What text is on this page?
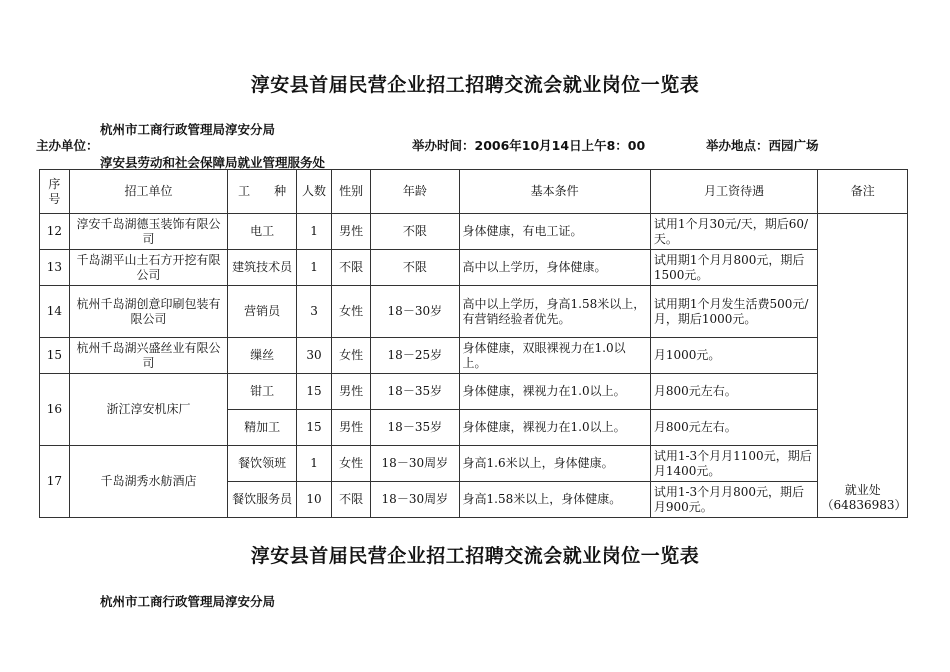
淳安县首届民营企业招工招聘交流会就业岗位一览表
杭州市工商行政管理局淳安分局
主办单位：	举办时间：2006年10月14日上午8：00	举办地点：西园广场
淳安县劳动和社会保障局就业管理服务处
序号	招工单位	工　　种	人数	性别	年龄	基本条件	月工资待遇	备注
12	淳安千岛湖德玉装饰有限公司	电工	1	男性	不限	身体健康，有电工证。	试用1个月30元/天，期后60/天。	就业处（64836983）
13	千岛湖平山土石方开挖有限公司	建筑技术员	1	不限	不限	高中以上学历，身体健康。	试用期1个月月800元，期后1500元。	
14	杭州千岛湖创意印刷包装有限公司	营销员	3	女性	18－30岁	高中以上学历，身高1.58米以上，有营销经验者优先。	试用期1个月发生活费500元/月，期后1000元。	
15	杭州千岛湖兴盛丝业有限公司	缫丝	30	女性	18－25岁	身体健康，双眼裸视力在1.0以上。	月1000元。	
16	浙江淳安机床厂	钳工	15	男性	18－35岁	身体健康，裸视力在1.0以上。	月800元左右。	
		精加工	15	男性	18－35岁	身体健康，裸视力在1.0以上。	月800元左右。	
17	千岛湖秀水舫酒店	餐饮领班	1	女性	18－30周岁	身高1.6米以上，身体健康。	试用1-3个月月1100元，期后月1400元。	
		餐饮服务员	10	不限	18－30周岁	身高1.58米以上，身体健康。	试用1-3个月月800元，期后月900元。	
淳安县首届民营企业招工招聘交流会就业岗位一览表
杭州市工商行政管理局淳安分局
